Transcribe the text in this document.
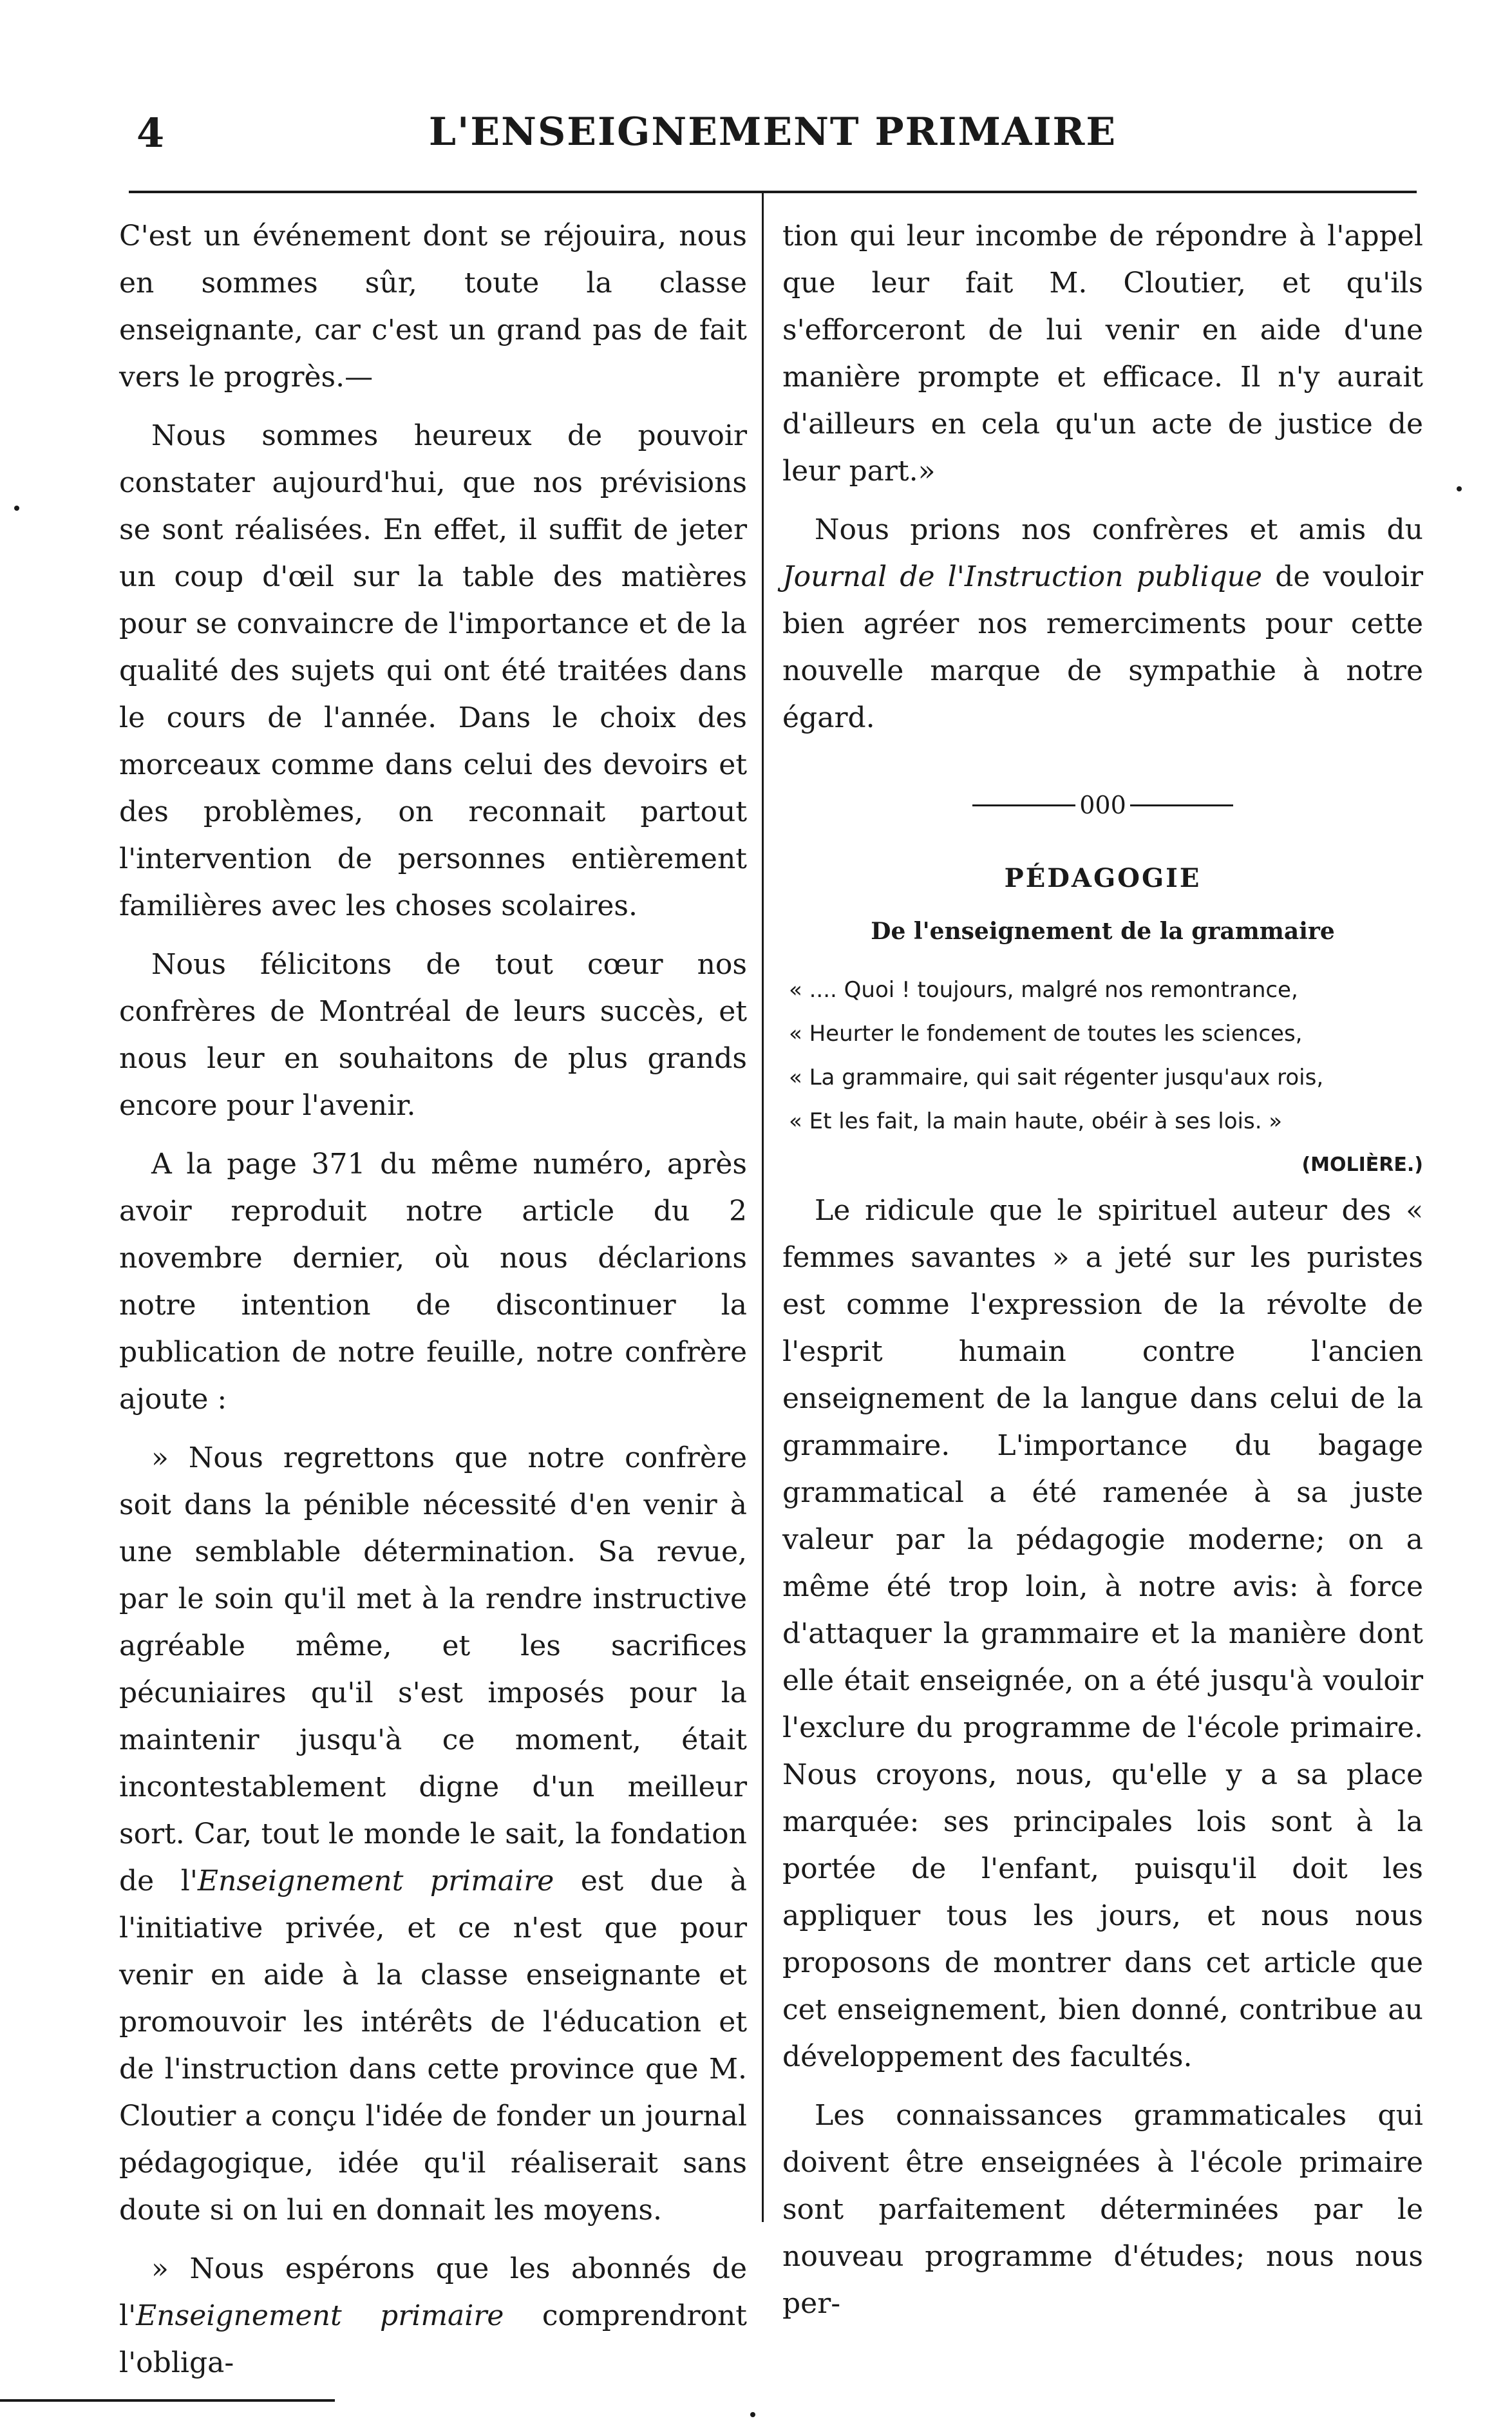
4	L'ENSEIGNEMENT PRIMAIRE

C'est un événement dont se réjouira, nous en sommes sûr, toute la classe enseignante, car c'est un grand pas de fait vers le progrès.—

Nous sommes heureux de pouvoir constater aujourd'hui, que nos prévisions se sont réalisées. En effet, il suffit de jeter un coup d'œil sur la table des matières pour se convaincre de l'importance et de la qualité des sujets qui ont été traitées dans le cours de l'année. Dans le choix des morceaux comme dans celui des devoirs et des problèmes, on reconnait partout l'intervention de personnes entièrement familières avec les choses scolaires.

Nous félicitons de tout cœur nos confrères de Montréal de leurs succès, et nous leur en souhaitons de plus grands encore pour l'avenir.

A la page 371 du même numéro, après avoir reproduit notre article du 2 novembre dernier, où nous déclarions notre intention de discontinuer la publication de notre feuille, notre confrère ajoute :

» Nous regrettons que notre confrère soit dans la pénible nécessité d'en venir à une semblable détermination. Sa revue, par le soin qu'il met à la rendre instructive agréable même, et les sacrifices pécuniaires qu'il s'est imposés pour la maintenir jusqu'à ce moment, était incontestablement digne d'un meilleur sort. Car, tout le monde le sait, la fondation de l'Enseignement primaire est due à l'initiative privée, et ce n'est que pour venir en aide à la classe enseignante et promouvoir les intérêts de l'éducation et de l'instruction dans cette province que M. Cloutier a conçu l'idée de fonder un journal pédagogique, idée qu'il réaliserait sans doute si on lui en donnait les moyens.

» Nous espérons que les abonnés de l'Enseignement primaire comprendront l'obliga-

tion qui leur incombe de répondre à l'appel que leur fait M. Cloutier, et qu'ils s'efforceront de lui venir en aide d'une manière prompte et efficace. Il n'y aurait d'ailleurs en cela qu'un acte de justice de leur part.»

Nous prions nos confrères et amis du Journal de l'Instruction publique de vouloir bien agréer nos remerciments pour cette nouvelle marque de sympathie à notre égard.

000
PÉDAGOGIE
De l'enseignement de la grammaire
« .... Quoi ! toujours, malgré nos remontrance,
« Heurter le fondement de toutes les sciences,
« La grammaire, qui sait régenter jusqu'aux rois,
« Et les fait, la main haute, obéir à ses lois. »
(MOLIÈRE.)

Le ridicule que le spirituel auteur des « femmes savantes » a jeté sur les puristes est comme l'expression de la révolte de l'esprit humain contre l'ancien enseignement de la langue dans celui de la grammaire. L'importance du bagage grammatical a été ramenée à sa juste valeur par la pédagogie moderne; on a même été trop loin, à notre avis: à force d'attaquer la grammaire et la manière dont elle était enseignée, on a été jusqu'à vouloir l'exclure du programme de l'école primaire. Nous croyons, nous, qu'elle y a sa place marquée: ses principales lois sont à la portée de l'enfant, puisqu'il doit les appliquer tous les jours, et nous nous proposons de montrer dans cet article que cet enseignement, bien donné, contribue au développement des facultés.

Les connaissances grammaticales qui doivent être enseignées à l'école primaire sont parfaitement déterminées par le nouveau programme d'études; nous nous per-
